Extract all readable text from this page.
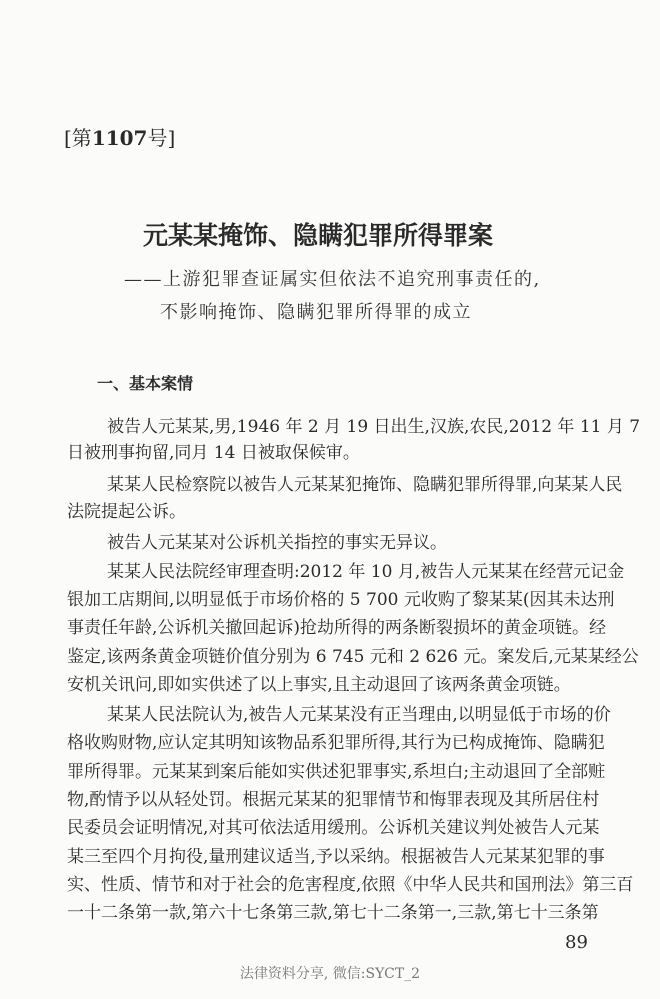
[第1107号]
元某某掩饰、隐瞒犯罪所得罪案
——上游犯罪查证属实但依法不追究刑事责任的,
不影响掩饰、隐瞒犯罪所得罪的成立
一、基本案情
被告人元某某,男,1946 年 2 月 19 日出生,汉族,农民,2012 年 11 月 7
日被刑事拘留,同月 14 日被取保候审。
某某人民检察院以被告人元某某犯掩饰、隐瞒犯罪所得罪,向某某人民
法院提起公诉。
被告人元某某对公诉机关指控的事实无异议。
某某人民法院经审理查明:2012 年 10 月,被告人元某某在经营元记金
银加工店期间,以明显低于市场价格的 5 700 元收购了黎某某(因其未达刑
事责任年龄,公诉机关撤回起诉)抢劫所得的两条断裂损坏的黄金项链。经
鉴定,该两条黄金项链价值分别为 6 745 元和 2 626 元。案发后,元某某经公
安机关讯问,即如实供述了以上事实,且主动退回了该两条黄金项链。
某某人民法院认为,被告人元某某没有正当理由,以明显低于市场的价
格收购财物,应认定其明知该物品系犯罪所得,其行为已构成掩饰、隐瞒犯
罪所得罪。元某某到案后能如实供述犯罪事实,系坦白;主动退回了全部赃
物,酌情予以从轻处罚。根据元某某的犯罪情节和悔罪表现及其所居住村
民委员会证明情况,对其可依法适用缓刑。公诉机关建议判处被告人元某
某三至四个月拘役,量刑建议适当,予以采纳。根据被告人元某某犯罪的事
实、性质、情节和对于社会的危害程度,依照《中华人民共和国刑法》第三百
一十二条第一款,第六十七条第三款,第七十二条第一,三款,第七十三条第
89
法律资料分享, 微信:SYCT_2
